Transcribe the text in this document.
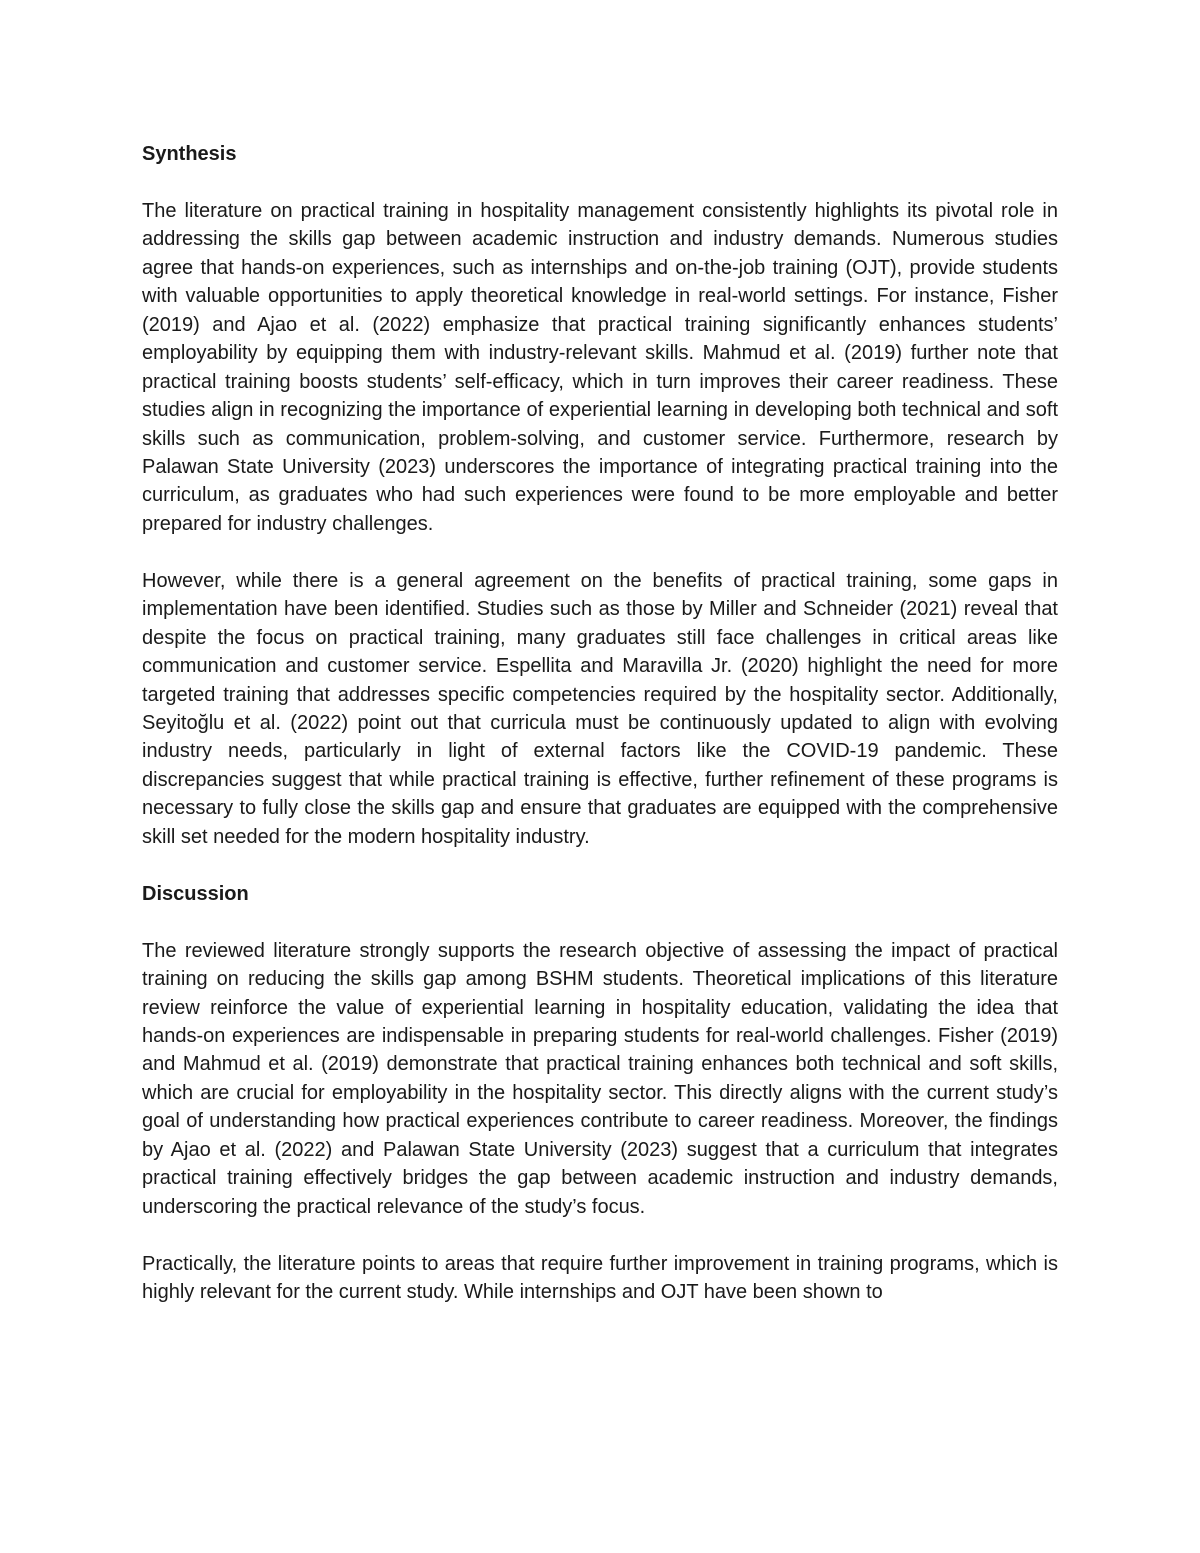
Synthesis

The literature on practical training in hospitality management consistently highlights its pivotal role in addressing the skills gap between academic instruction and industry demands. Numerous studies agree that hands-on experiences, such as internships and on-the-job training (OJT), provide students with valuable opportunities to apply theoretical knowledge in real-world settings. For instance, Fisher (2019) and Ajao et al. (2022) emphasize that practical training significantly enhances students’ employability by equipping them with industry-relevant skills. Mahmud et al. (2019) further note that practical training boosts students’ self-efficacy, which in turn improves their career readiness. These studies align in recognizing the importance of experiential learning in developing both technical and soft skills such as communication, problem-solving, and customer service. Furthermore, research by Palawan State University (2023) underscores the importance of integrating practical training into the curriculum, as graduates who had such experiences were found to be more employable and better prepared for industry challenges.

However, while there is a general agreement on the benefits of practical training, some gaps in implementation have been identified. Studies such as those by Miller and Schneider (2021) reveal that despite the focus on practical training, many graduates still face challenges in critical areas like communication and customer service. Espellita and Maravilla Jr. (2020) highlight the need for more targeted training that addresses specific competencies required by the hospitality sector. Additionally, Seyitoğlu et al. (2022) point out that curricula must be continuously updated to align with evolving industry needs, particularly in light of external factors like the COVID-19 pandemic. These discrepancies suggest that while practical training is effective, further refinement of these programs is necessary to fully close the skills gap and ensure that graduates are equipped with the comprehensive skill set needed for the modern hospitality industry.

Discussion

The reviewed literature strongly supports the research objective of assessing the impact of practical training on reducing the skills gap among BSHM students. Theoretical implications of this literature review reinforce the value of experiential learning in hospitality education, validating the idea that hands-on experiences are indispensable in preparing students for real-world challenges. Fisher (2019) and Mahmud et al. (2019) demonstrate that practical training enhances both technical and soft skills, which are crucial for employability in the hospitality sector. This directly aligns with the current study’s goal of understanding how practical experiences contribute to career readiness. Moreover, the findings by Ajao et al. (2022) and Palawan State University (2023) suggest that a curriculum that integrates practical training effectively bridges the gap between academic instruction and industry demands, underscoring the practical relevance of the study’s focus.

Practically, the literature points to areas that require further improvement in training programs, which is highly relevant for the current study. While internships and OJT have been shown to
